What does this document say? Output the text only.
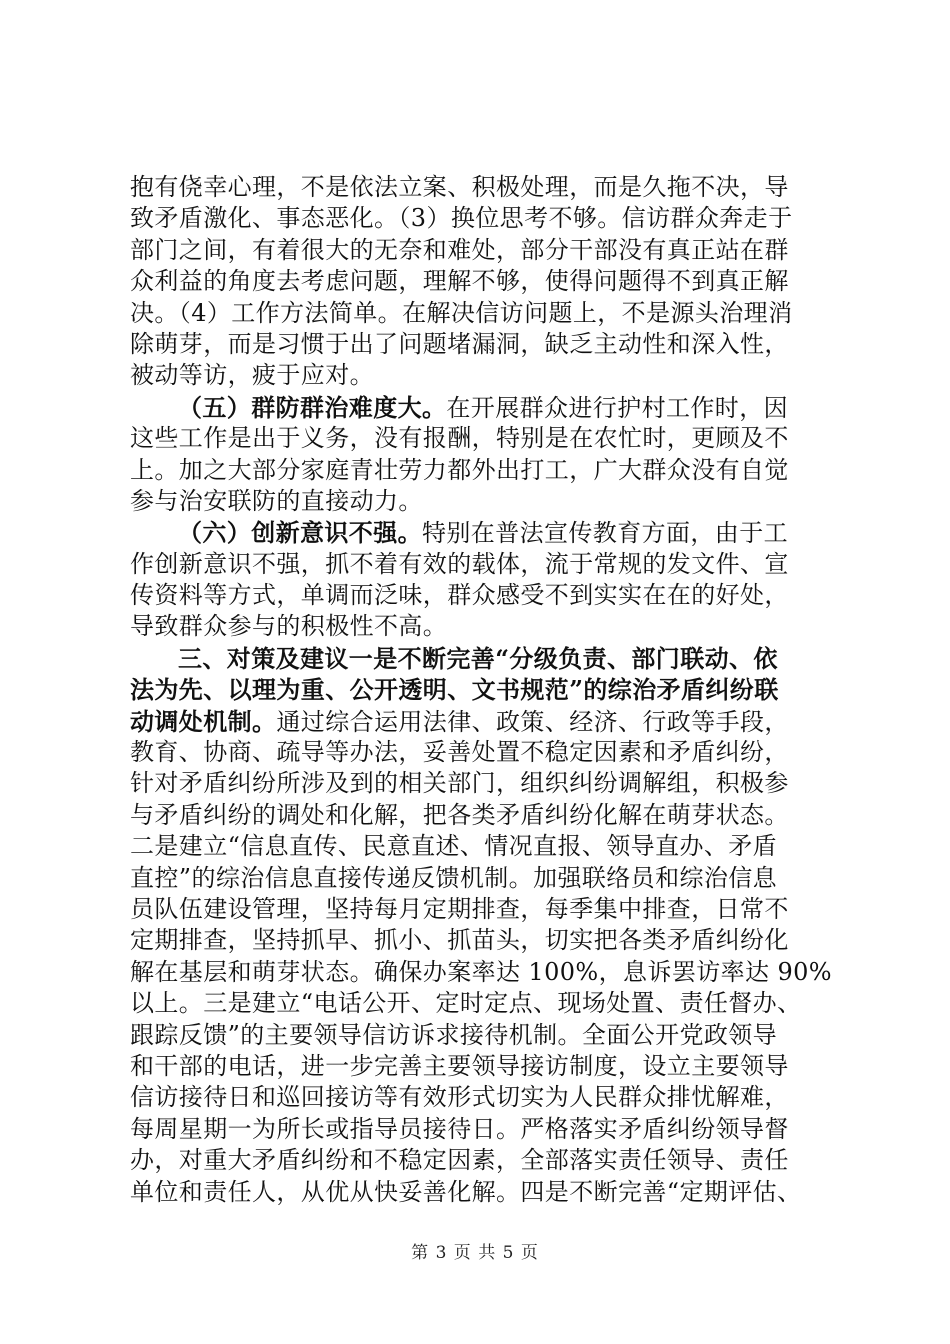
抱有侥幸心理，不是依法立案、积极处理，而是久拖不决，导
致矛盾激化、事态恶化。（3）换位思考不够。信访群众奔走于
部门之间，有着很大的无奈和难处，部分干部没有真正站在群
众利益的角度去考虑问题，理解不够，使得问题得不到真正解
决。（4）工作方法简单。在解决信访问题上，不是源头治理消
除萌芽，而是习惯于出了问题堵漏洞，缺乏主动性和深入性，
被动等访，疲于应对。
（五）群防群治难度大。在开展群众进行护村工作时，因
这些工作是出于义务，没有报酬，特别是在农忙时，更顾及不
上。加之大部分家庭青壮劳力都外出打工，广大群众没有自觉
参与治安联防的直接动力。
（六）创新意识不强。特别在普法宣传教育方面，由于工
作创新意识不强，抓不着有效的载体，流于常规的发文件、宣
传资料等方式，单调而泛味，群众感受不到实实在在的好处，
导致群众参与的积极性不高。
三、对策及建议一是不断完善“分级负责、部门联动、依
法为先、以理为重、公开透明、文书规范”的综治矛盾纠纷联
动调处机制。通过综合运用法律、政策、经济、行政等手段，
教育、协商、疏导等办法，妥善处置不稳定因素和矛盾纠纷，
针对矛盾纠纷所涉及到的相关部门，组织纠纷调解组，积极参
与矛盾纠纷的调处和化解，把各类矛盾纠纷化解在萌芽状态。
二是建立“信息直传、民意直述、情况直报、领导直办、矛盾
直控”的综治信息直接传递反馈机制。加强联络员和综治信息
员队伍建设管理，坚持每月定期排查，每季集中排查，日常不
定期排查，坚持抓早、抓小、抓苗头，切实把各类矛盾纠纷化
解在基层和萌芽状态。确保办案率达 100%，息诉罢访率达 90%
以上。三是建立“电话公开、定时定点、现场处置、责任督办、
跟踪反馈”的主要领导信访诉求接待机制。全面公开党政领导
和干部的电话，进一步完善主要领导接访制度，设立主要领导
信访接待日和巡回接访等有效形式切实为人民群众排忧解难，
每周星期一为所长或指导员接待日。严格落实矛盾纠纷领导督
办，对重大矛盾纠纷和不稳定因素，全部落实责任领导、责任
单位和责任人，从优从快妥善化解。四是不断完善“定期评估、
第 3 页 共 5 页
